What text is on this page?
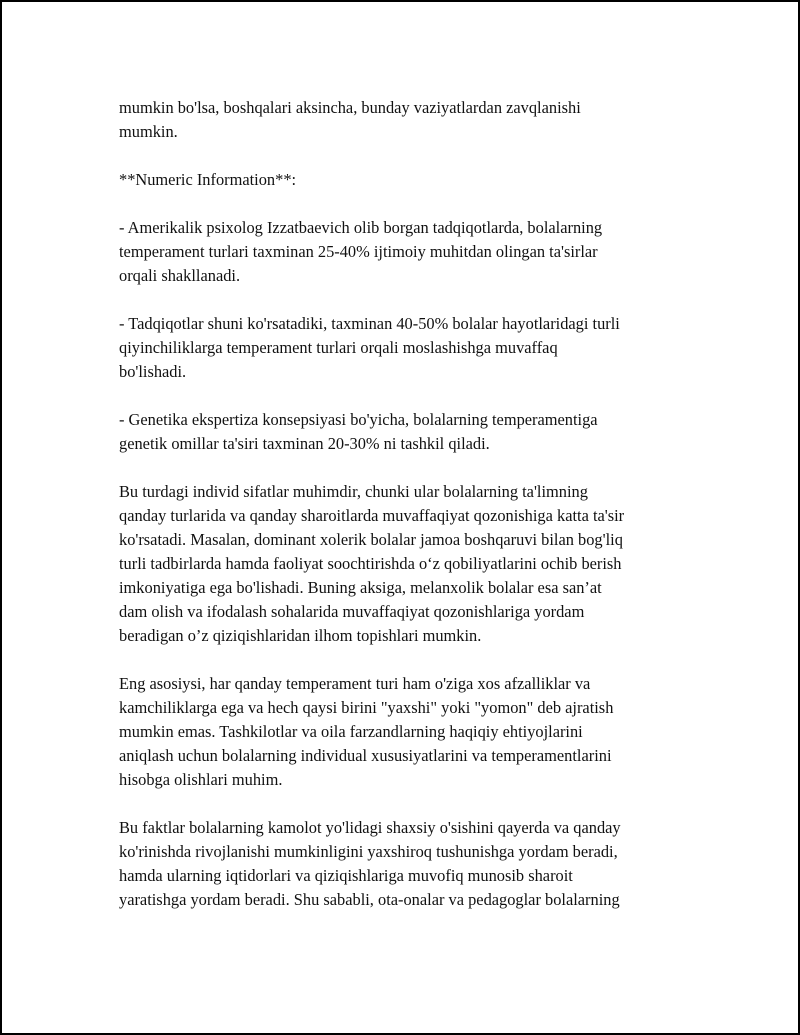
mumkin bo'lsa, boshqalari aksincha, bunday vaziyatlardan zavqlanishi
mumkin.

**Numeric Information**:

- Amerikalik psixolog Izzatbaevich olib borgan tadqiqotlarda, bolalarning
temperament turlari taxminan 25-40% ijtimoiy muhitdan olingan ta'sirlar
orqali shakllanadi.

- Tadqiqotlar shuni ko'rsatadiki, taxminan 40-50% bolalar hayotlaridagi turli
qiyinchiliklarga temperament turlari orqali moslashishga muvaffaq
bo'lishadi.

- Genetika ekspertiza konsepsiyasi bo'yicha, bolalarning temperamentiga
genetik omillar ta'siri taxminan 20-30% ni tashkil qiladi.

Bu turdagi individ sifatlar muhimdir, chunki ular bolalarning ta'limning
qanday turlarida va qanday sharoitlarda muvaffaqiyat qozonishiga katta ta'sir
ko'rsatadi. Masalan, dominant xolerik bolalar jamoa boshqaruvi bilan bog'liq
turli tadbirlarda hamda faoliyat soochtirishda o‘z qobiliyatlarini ochib berish
imkoniyatiga ega bo'lishadi. Buning aksiga, melanxolik bolalar esa san’at
dam olish va ifodalash sohalarida muvaffaqiyat qozonishlariga yordam
beradigan o’z qiziqishlaridan ilhom topishlari mumkin.

Eng asosiysi, har qanday temperament turi ham o'ziga xos afzalliklar va
kamchiliklarga ega va hech qaysi birini "yaxshi" yoki "yomon" deb ajratish
mumkin emas. Tashkilotlar va oila farzandlarning haqiqiy ehtiyojlarini
aniqlash uchun bolalarning individual xususiyatlarini va temperamentlarini
hisobga olishlari muhim.

Bu faktlar bolalarning kamolot yo'lidagi shaxsiy o'sishini qayerda va qanday
ko'rinishda rivojlanishi mumkinligini yaxshiroq tushunishga yordam beradi,
hamda ularning iqtidorlari va qiziqishlariga muvofiq munosib sharoit
yaratishga yordam beradi. Shu sababli, ota-onalar va pedagoglar bolalarning
